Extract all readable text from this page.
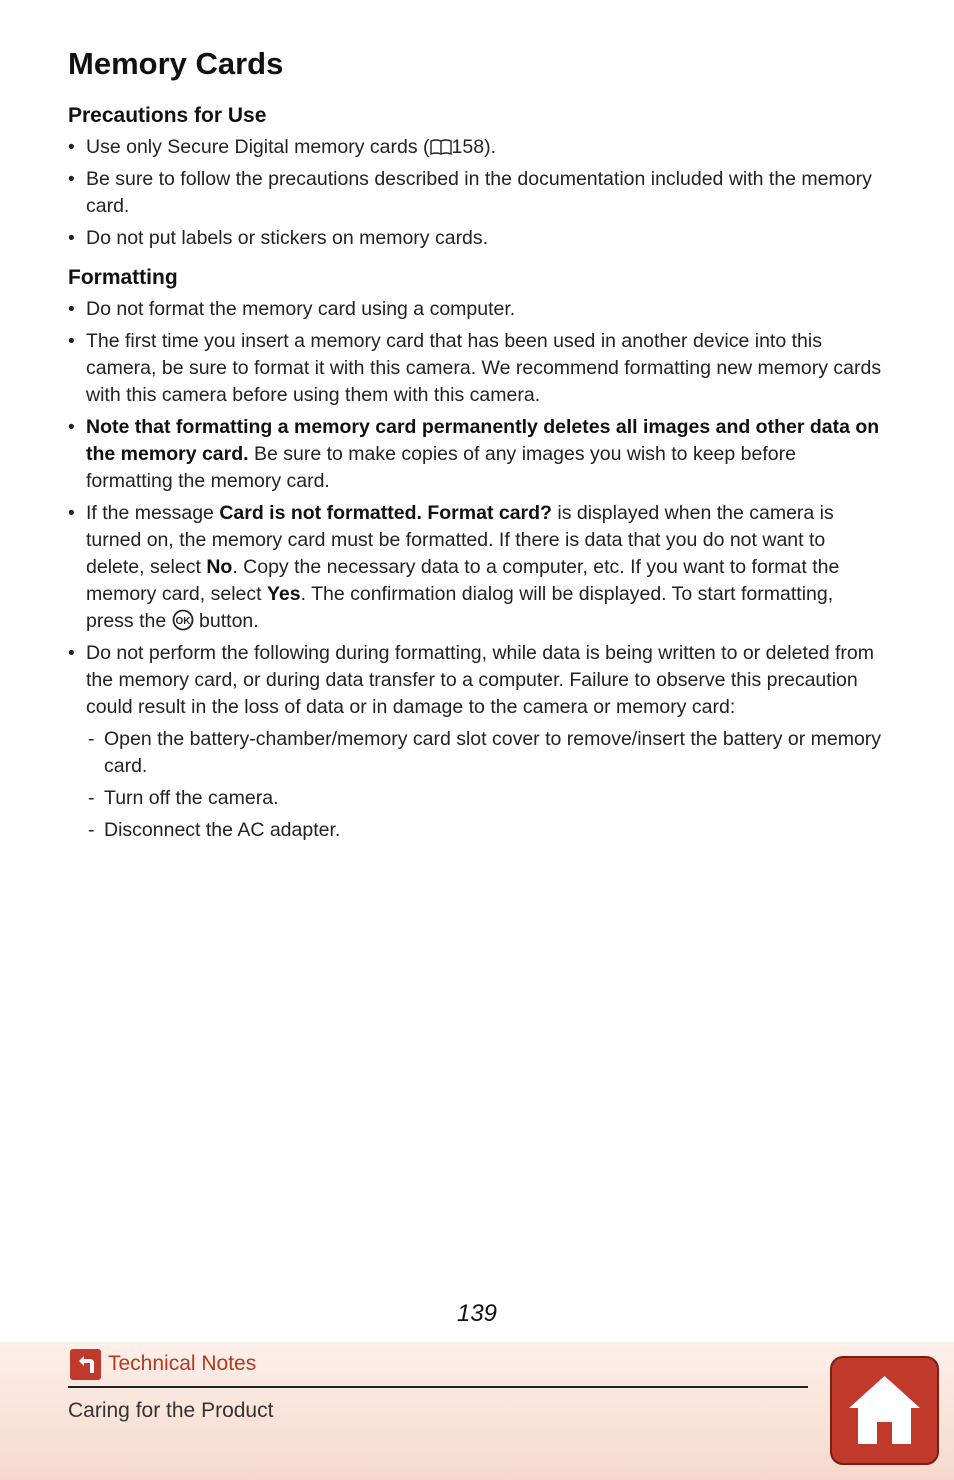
Memory Cards
Precautions for Use
• Use only Secure Digital memory cards ( 158).
• Be sure to follow the precautions described in the documentation included with the memory card.
• Do not put labels or stickers on memory cards.
Formatting
• Do not format the memory card using a computer.
• The first time you insert a memory card that has been used in another device into this camera, be sure to format it with this camera. We recommend formatting new memory cards with this camera before using them with this camera.
• Note that formatting a memory card permanently deletes all images and other data on the memory card. Be sure to make copies of any images you wish to keep before formatting the memory card.
• If the message Card is not formatted. Format card? is displayed when the camera is turned on, the memory card must be formatted. If there is data that you do not want to delete, select No. Copy the necessary data to a computer, etc. If you want to format the memory card, select Yes. The confirmation dialog will be displayed. To start formatting, press the OK button.
• Do not perform the following during formatting, while data is being written to or deleted from the memory card, or during data transfer to a computer. Failure to observe this precaution could result in the loss of data or in damage to the camera or memory card:
- Open the battery-chamber/memory card slot cover to remove/insert the battery or memory card.
- Turn off the camera.
- Disconnect the AC adapter.
139
Technical Notes
Caring for the Product
